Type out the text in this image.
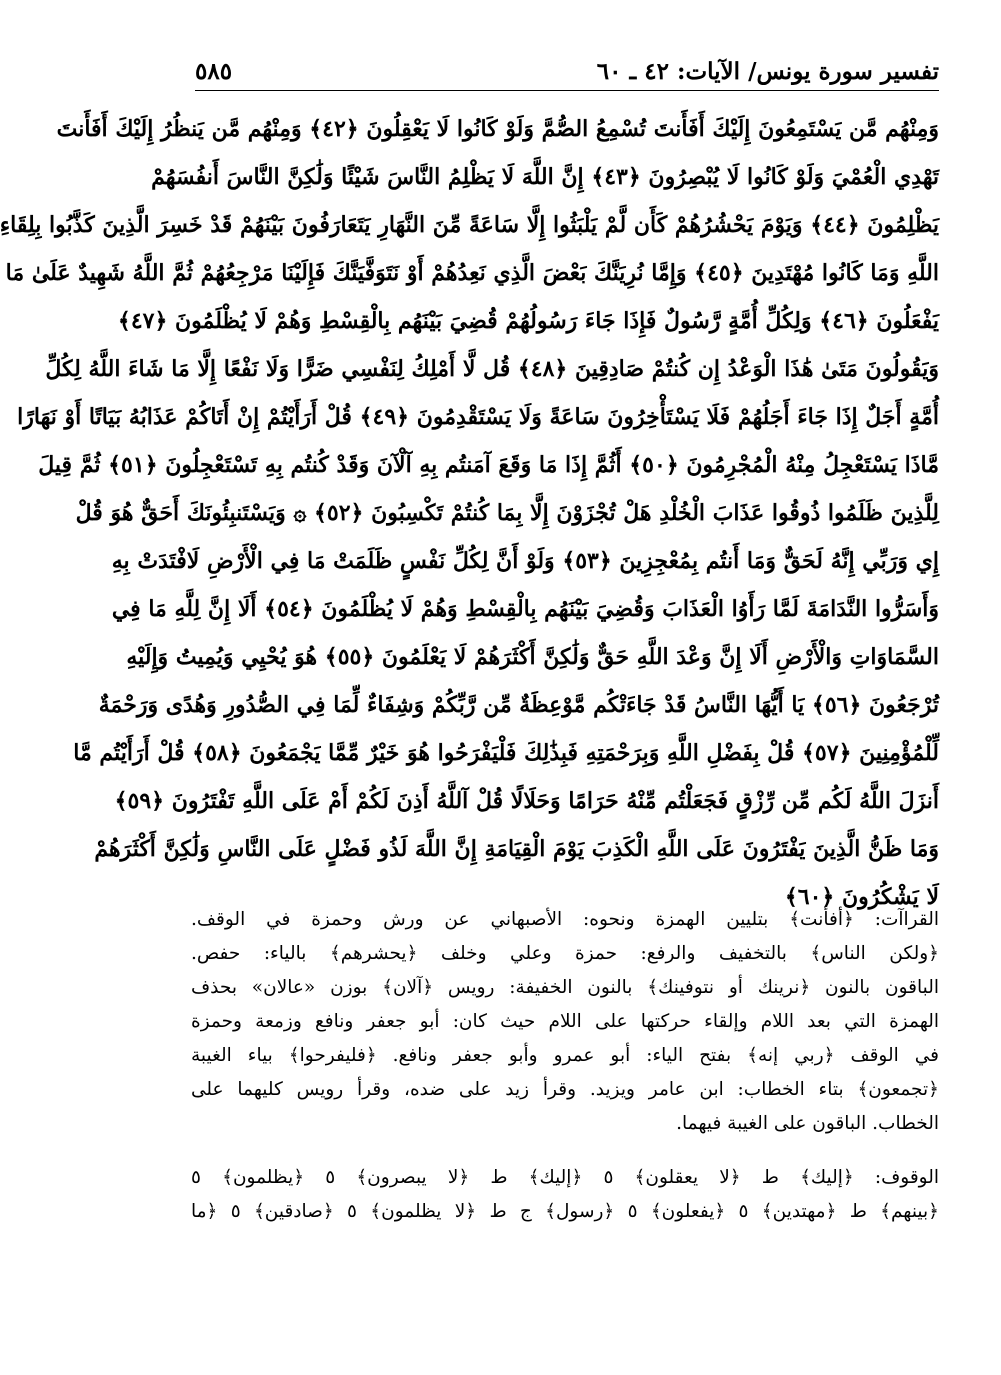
تفسير سورة يونس/ الآيات: ٤٢ ـ ٦٠
٥٨٥
وَمِنْهُم مَّن يَسْتَمِعُونَ إِلَيْكَ أَفَأَنتَ تُسْمِعُ الصُّمَّ وَلَوْ كَانُوا لَا يَعْقِلُونَ ﴿٤٢﴾ وَمِنْهُم مَّن يَنظُرُ إِلَيْكَ أَفَأَنتَ
تَهْدِي الْعُمْيَ وَلَوْ كَانُوا لَا يُبْصِرُونَ ﴿٤٣﴾ إِنَّ اللَّهَ لَا يَظْلِمُ النَّاسَ شَيْئًا وَلَٰكِنَّ النَّاسَ أَنفُسَهُمْ
يَظْلِمُونَ ﴿٤٤﴾ وَيَوْمَ يَحْشُرُهُمْ كَأَن لَّمْ يَلْبَثُوا إِلَّا سَاعَةً مِّنَ النَّهَارِ يَتَعَارَفُونَ بَيْنَهُمْ قَدْ خَسِرَ الَّذِينَ كَذَّبُوا بِلِقَاءِ
اللَّهِ وَمَا كَانُوا مُهْتَدِينَ ﴿٤٥﴾ وَإِمَّا نُرِيَنَّكَ بَعْضَ الَّذِي نَعِدُهُمْ أَوْ نَتَوَفَّيَنَّكَ فَإِلَيْنَا مَرْجِعُهُمْ ثُمَّ اللَّهُ شَهِيدٌ عَلَىٰ مَا
يَفْعَلُونَ ﴿٤٦﴾ وَلِكُلِّ أُمَّةٍ رَّسُولٌ فَإِذَا جَاءَ رَسُولُهُمْ قُضِيَ بَيْنَهُم بِالْقِسْطِ وَهُمْ لَا يُظْلَمُونَ ﴿٤٧﴾
وَيَقُولُونَ مَتَىٰ هَٰذَا الْوَعْدُ إِن كُنتُمْ صَادِقِينَ ﴿٤٨﴾ قُل لَّا أَمْلِكُ لِنَفْسِي ضَرًّا وَلَا نَفْعًا إِلَّا مَا شَاءَ اللَّهُ لِكُلِّ
أُمَّةٍ أَجَلٌ إِذَا جَاءَ أَجَلُهُمْ فَلَا يَسْتَأْخِرُونَ سَاعَةً وَلَا يَسْتَقْدِمُونَ ﴿٤٩﴾ قُلْ أَرَأَيْتُمْ إِنْ أَتَاكُمْ عَذَابُهُ بَيَاتًا أَوْ نَهَارًا
مَّاذَا يَسْتَعْجِلُ مِنْهُ الْمُجْرِمُونَ ﴿٥٠﴾ أَثُمَّ إِذَا مَا وَقَعَ آمَنتُم بِهِ آلْآنَ وَقَدْ كُنتُم بِهِ تَسْتَعْجِلُونَ ﴿٥١﴾ ثُمَّ قِيلَ
لِلَّذِينَ ظَلَمُوا ذُوقُوا عَذَابَ الْخُلْدِ هَلْ تُجْزَوْنَ إِلَّا بِمَا كُنتُمْ تَكْسِبُونَ ﴿٥٢﴾ ۞ وَيَسْتَنبِئُونَكَ أَحَقٌّ هُوَ قُلْ
إِي وَرَبِّي إِنَّهُ لَحَقٌّ وَمَا أَنتُم بِمُعْجِزِينَ ﴿٥٣﴾ وَلَوْ أَنَّ لِكُلِّ نَفْسٍ ظَلَمَتْ مَا فِي الْأَرْضِ لَافْتَدَتْ بِهِ
وَأَسَرُّوا النَّدَامَةَ لَمَّا رَأَوُا الْعَذَابَ وَقُضِيَ بَيْنَهُم بِالْقِسْطِ وَهُمْ لَا يُظْلَمُونَ ﴿٥٤﴾ أَلَا إِنَّ لِلَّهِ مَا فِي
السَّمَاوَاتِ وَالْأَرْضِ أَلَا إِنَّ وَعْدَ اللَّهِ حَقٌّ وَلَٰكِنَّ أَكْثَرَهُمْ لَا يَعْلَمُونَ ﴿٥٥﴾ هُوَ يُحْيِي وَيُمِيتُ وَإِلَيْهِ
تُرْجَعُونَ ﴿٥٦﴾ يَا أَيُّهَا النَّاسُ قَدْ جَاءَتْكُم مَّوْعِظَةٌ مِّن رَّبِّكُمْ وَشِفَاءٌ لِّمَا فِي الصُّدُورِ وَهُدًى وَرَحْمَةٌ
لِّلْمُؤْمِنِينَ ﴿٥٧﴾ قُلْ بِفَضْلِ اللَّهِ وَبِرَحْمَتِهِ فَبِذَٰلِكَ فَلْيَفْرَحُوا هُوَ خَيْرٌ مِّمَّا يَجْمَعُونَ ﴿٥٨﴾ قُلْ أَرَأَيْتُم مَّا
أَنزَلَ اللَّهُ لَكُم مِّن رِّزْقٍ فَجَعَلْتُم مِّنْهُ حَرَامًا وَحَلَالًا قُلْ آللَّهُ أَذِنَ لَكُمْ أَمْ عَلَى اللَّهِ تَفْتَرُونَ ﴿٥٩﴾
وَمَا ظَنُّ الَّذِينَ يَفْتَرُونَ عَلَى اللَّهِ الْكَذِبَ يَوْمَ الْقِيَامَةِ إِنَّ اللَّهَ لَذُو فَضْلٍ عَلَى النَّاسِ وَلَٰكِنَّ أَكْثَرَهُمْ
لَا يَشْكُرُونَ ﴿٦٠﴾
القراآت: ﴿أفأنت﴾ بتليين الهمزة ونحوه: الأصبهاني عن ورش وحمزة في الوقف.
﴿ولكن الناس﴾ بالتخفيف والرفع: حمزة وعلي وخلف ﴿يحشرهم﴾ بالياء: حفص.
الباقون بالنون ﴿نرينك أو نتوفينك﴾ بالنون الخفيفة: رويس ﴿آلان﴾ بوزن «عالان» بحذف
الهمزة التي بعد اللام وإلقاء حركتها على اللام حيث كان: أبو جعفر ونافع وزمعة وحمزة
في الوقف ﴿ربي إنه﴾ بفتح الياء: أبو عمرو وأبو جعفر ونافع. ﴿فليفرحوا﴾ بياء الغيبة
﴿تجمعون﴾ بتاء الخطاب: ابن عامر ويزيد. وقرأ زيد على ضده، وقرأ رويس كليهما على
الخطاب. الباقون على الغيبة فيهما.
الوقوف: ﴿إليك﴾ ط ﴿لا يعقلون﴾ ٥ ﴿إليك﴾ ط ﴿لا يبصرون﴾ ٥ ﴿يظلمون﴾ ٥
﴿بينهم﴾ ط ﴿مهتدين﴾ ٥ ﴿يفعلون﴾ ٥ ﴿رسول﴾ ج ط ﴿لا يظلمون﴾ ٥ ﴿صادقين﴾ ٥ ﴿ما
